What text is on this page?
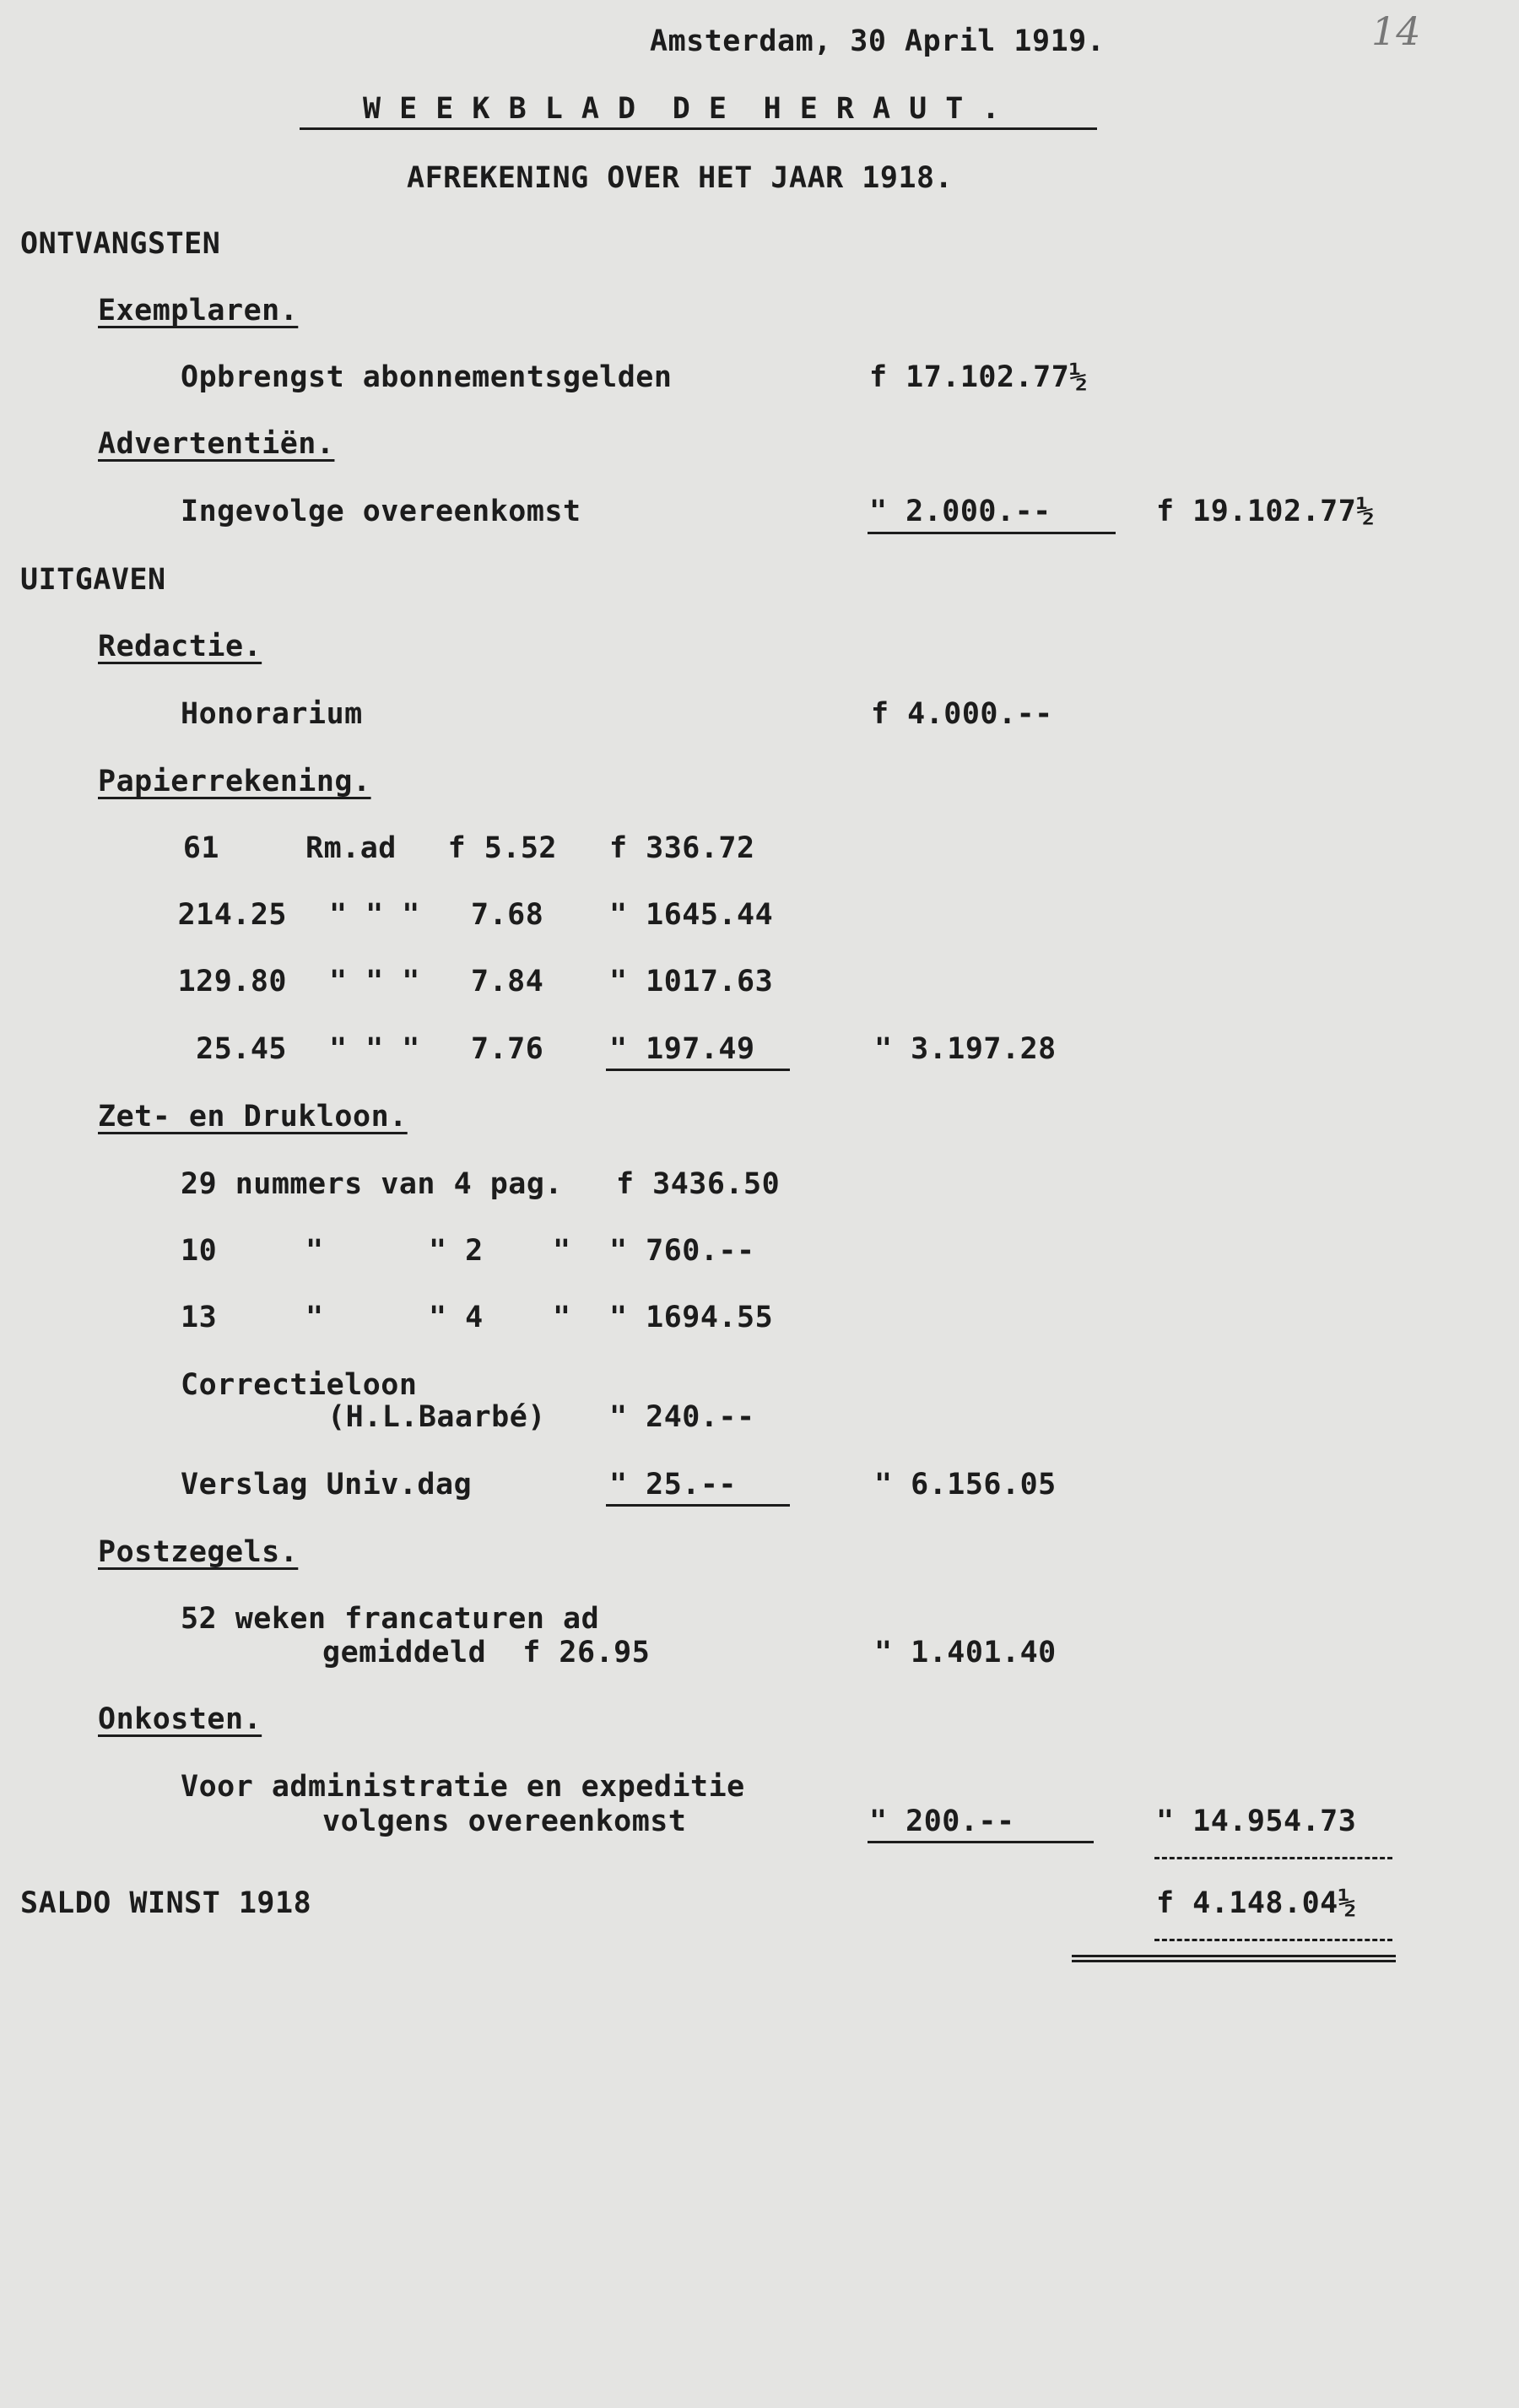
Amsterdam, 30 April 1919.	14
W E E K B L A D  D E  H E R A U T .
AFREKENING OVER HET JAAR 1918.
ONTVANGSTEN
Exemplaren.
Opbrengst abonnementsgelden	f 17.102.77½
Advertentiën.
Ingevolge overeenkomst	" 2.000.--	f 19.102.77½
UITGAVEN
Redactie.
Honorarium	f 4.000.--
Papierrekening.
61	Rm.ad	f 5.52 f 336.72
214.25 " " " 7.68 " 1645.44
129.80 " " " 7.84 " 1017.63
25.45 " " " 7.76 " 197.49	" 3.197.28
Zet- en Drukloon.
29 nummers van 4 pag. f 3436.50
10	"	" 2 " " 760.--
13	"	" 4 " " 1694.55
Correctieloon
(H.L.Baarbé) " 240.--
Verslag Univ.dag	" 25.--	" 6.156.05
Postzegels.
52 weken francaturen ad
gemiddeld  f 26.95	" 1.401.40
Onkosten.
Voor administratie en expeditie
volgens overeenkomst	" 200.--	" 14.954.73
SALDO WINST 1918	f 4.148.04½
